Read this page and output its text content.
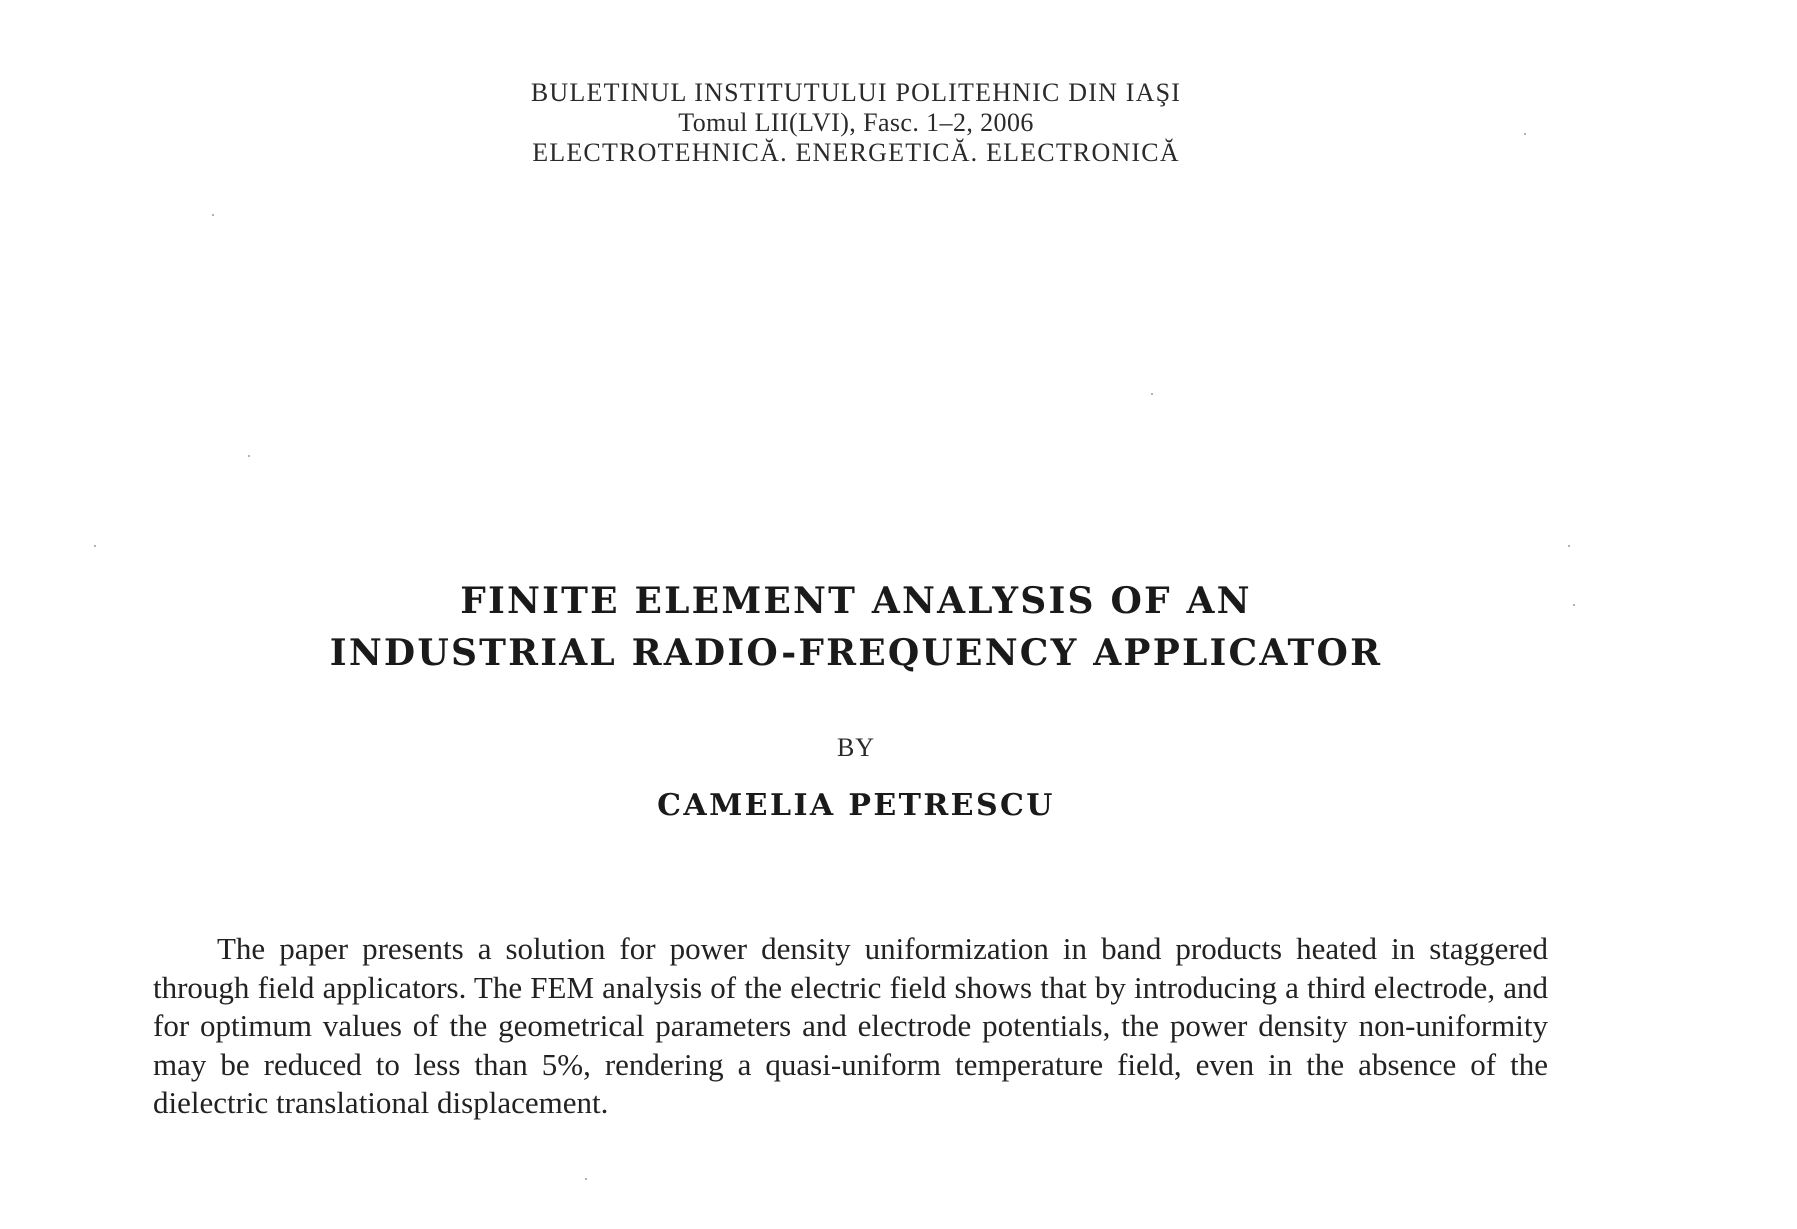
BULETINUL INSTITUTULUI POLITEHNIC DIN IAŞI
Tomul LII(LVI), Fasc. 1–2, 2006
ELECTROTEHNICĂ. ENERGETICĂ. ELECTRONICĂ
FINITE ELEMENT ANALYSIS OF AN
INDUSTRIAL RADIO-FREQUENCY APPLICATOR
BY
CAMELIA PETRESCU

The paper presents a solution for power density uniformization in band products heated in staggered through field applicators. The FEM analysis of the electric field shows that by introducing a third electrode, and for optimum values of the geometrical parameters and electrode potentials, the power density non-uniformity may be reduced to less than 5%, rendering a quasi-uniform temperature field, even in the absence of the dielectric translational displacement.
